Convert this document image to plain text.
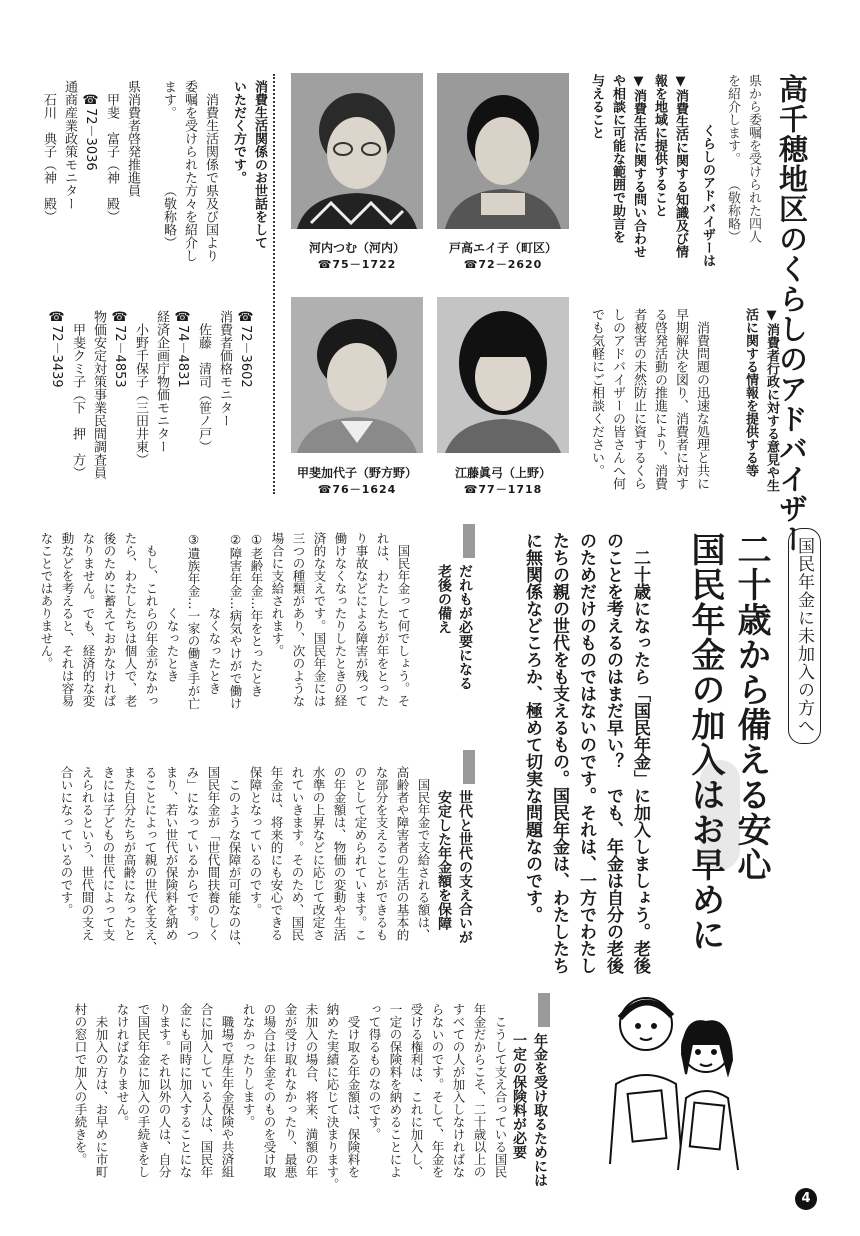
高千穂地区のくらしのアドバイザー
県から委嘱を受けられた四人
を紹介します。　　（敬称略）
くらしのアドバイザーは
▼消費生活に関する知識及び情
報を地域に提供すること
▼消費生活に関する問い合わせ
や相談に可能な範囲で助言を
与えること
▼消費者行政に対する意見や生
活に関する情報を提供する等
　消費問題の迅速な処理と共に
早期解決を図り、消費者に対す
る啓発活動の推進により、消費
者被害の未然防止に資するくら
しのアドバイザーの皆さんへ何
でも気軽にご相談ください。
戸高エイ子（町区）
☎72－2620
河内つむ（河内）
☎75－1722
江藤眞弓（上野）
☎77－1718
甲斐加代子（野方野）
☎76－1624
消費生活関係のお世話をして
いただく方です。
　消費生活関係で県及び国より
委嘱を受けられた方々を紹介し
ます。　　　　　　（敬称略）
県消費者啓発推進員
　甲斐　富子（神　殿）
　☎72－3036
通商産業政策モニター
　石川　典子（神　殿）
☎72－3602
消費者価格モニター
　佐藤　清司（笹ノ戸）
☎74－4831
経済企画庁物価モニター
　小野千保子（三田井東）
☎72－4853
物価安定対策事業民間調査員
　甲斐クミ子（下　押　方）
☎72－3439
国民年金に未加入の方へ
二十歳から備える安心
国民年金の加入はお早めに
　二十歳になったら「国民年金」に加入しましょう。老後
のことを考えるのはまだ早い？　でも、年金は自分の老後
のためだけのものではないのです。それは、一方でわたし
たちの親の世代をも支えるもの。国民年金は、わたしたち
に無関係などころか、極めて切実な問題なのです。
だれもが必要になる
老後の備え
　国民年金って何でしょう。そ
れは、わたしたちが年をとった
り事故などによる障害が残って
働けなくなったりしたときの経
済的な支えです。国民年金には
三つの種類があり、次のような
場合に支給されます。
①老齢年金…年をとったとき
②障害年金…病気やけがで働け
　　　　　　なくなったとき
③遺族年金…一家の働き手が亡
　　　　　　くなったとき
　もし、これらの年金がなかっ
たら、わたしたちは個人で、老
後のために蓄えておかなければ
なりません。でも、経済的な変
動などを考えると、それは容易
なことではありません。
世代と世代の支え合いが
安定した年金額を保障
　国民年金で支給される額は、
高齢者や障害者の生活の基本的
な部分を支えることができるも
のとして定められています。こ
の年金額は、物価の変動や生活
水準の上昇などに応じて改定さ
れていきます。そのため、国民
年金は、将来的にも安心できる
保障となっているのです。
　このような保障が可能なのは、
国民年金が「世代間扶養のしく
み」になっているからです。つ
まり、若い世代が保険料を納め
ることによって親の世代を支え、
また自分たちが高齢になったと
きには子どもの世代によって支
えられるという、世代間の支え
合いになっているのです。
年金を受け取るためには
一定の保険料が必要
　こうして支え合っている国民
年金だからこそ、二十歳以上の
すべての人が加入しなければな
らないのです。そして、年金を
受ける権利は、これに加入し、
一定の保険料を納めることによ
って得るものなのです。
　受け取る年金額は、保険料を
納めた実績に応じて決まります。
未加入の場合、将来、満額の年
金が受け取れなかったり、最悪
の場合は年金そのものを受け取
れなかったりします。
　職場で厚生年金保険や共済組
合に加入している人は、国民年
金にも同時に加入することにな
ります。それ以外の人は、自分
で国民年金に加入の手続きをし
なければなりません。
　未加入の方は、お早めに市町
村の窓口で加入の手続きを。
4
